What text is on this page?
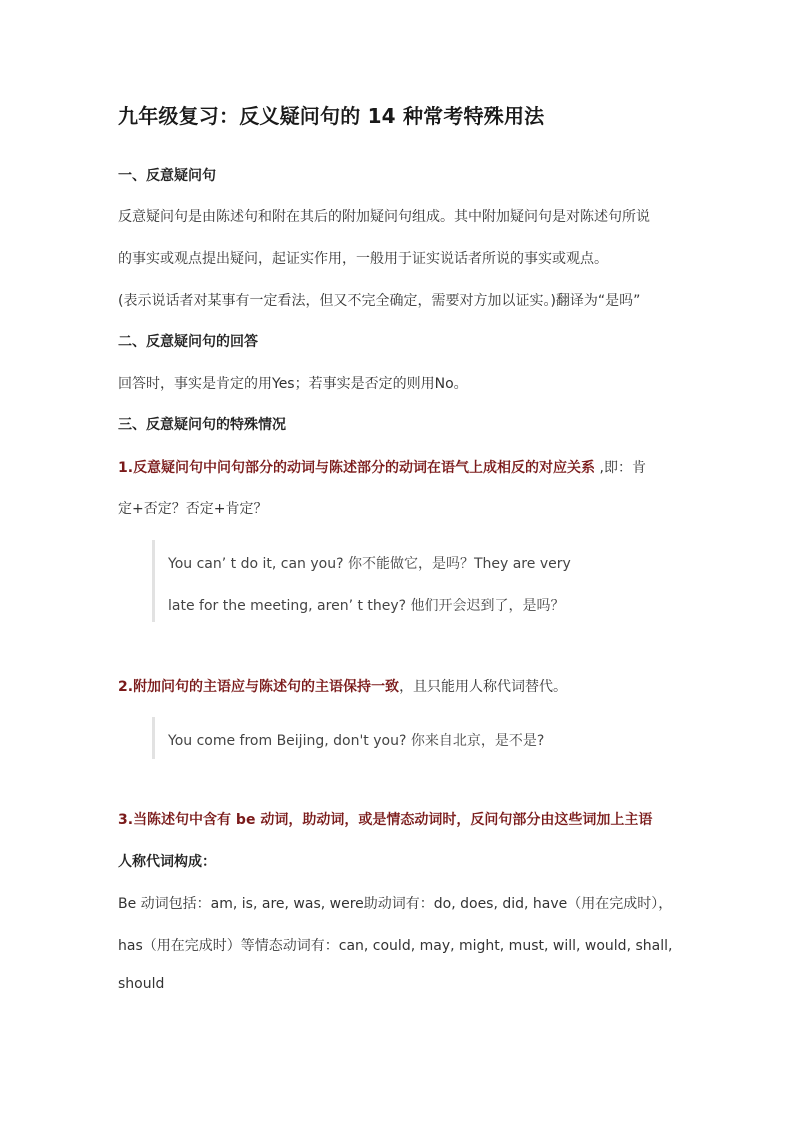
九年级复习：反义疑问句的 14 种常考特殊用法
一、反意疑问句
反意疑问句是由陈述句和附在其后的附加疑问句组成。其中附加疑问句是对陈述句所说
的事实或观点提出疑问，起证实作用，一般用于证实说话者所说的事实或观点。
(表示说话者对某事有一定看法，但又不完全确定，需要对方加以证实。)翻译为“是吗”
二、反意疑问句的回答
回答时，事实是肯定的用Yes；若事实是否定的则用No。
三、反意疑问句的特殊情况
1.反意疑问句中问句部分的动词与陈述部分的动词在语气上成相反的对应关系 ,即：肯
定+否定？否定+肯定？
You can’ t do it, can you? 你不能做它，是吗？They are very
late for the meeting, aren’ t they? 他们开会迟到了，是吗？
2.附加问句的主语应与陈述句的主语保持一致，且只能用人称代词替代。
You come from Beijing, don't you? 你来自北京，是不是?
3.当陈述句中含有 be 动词，助动词，或是情态动词时，反问句部分由这些词加上主语
人称代词构成：
Be 动词包括：am, is, are, was, were助动词有：do, does, did, have（用在完成时），
has（用在完成时）等情态动词有：can, could, may, might, must, will, would, shall,
should
